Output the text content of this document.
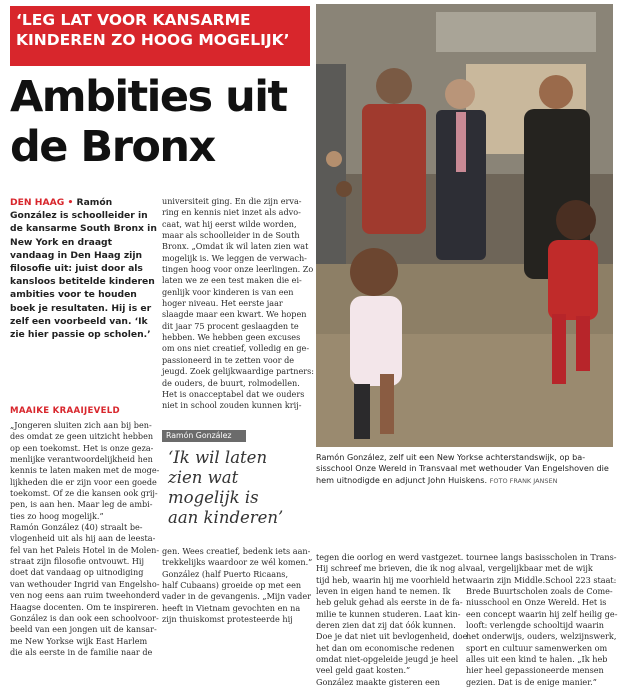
‘LEG LAT VOOR KANSARME
KINDEREN ZO HOOG MOGELIJK’
Ambities uit
de Bronx
DEN HAAG • Ramón González is schoolleider in de kansarme South Bronx in New York en draagt vandaag in Den Haag zijn filosofie uit: juist door als kansloos betitelde kinderen ambities voor te houden boek je resultaten. Hij is er zelf een voorbeeld van. ‘Ik zie hier passie op scholen.’
MAAIKE KRAAIJEVELD
„Jongeren sluiten zich aan bij ben-
des omdat ze geen uitzicht hebben
op een toekomst. Het is onze geza-
menlijke verantwoordelijkheid hen
kennis te laten maken met de moge-
lijkheden die er zijn voor een goede
toekomst. Of ze die kansen ook grij-
pen, is aan hen. Maar leg de ambi-
ties zo hoog mogelijk.”
Ramón González (40) straalt be-
vlogenheid uit als hij aan de leesta-
fel van het Paleis Hotel in de Molen-
straat zijn filosofie ontvouwt. Hij
doet dat vandaag op uitnodiging
van wethouder Ingrid van Engelsho-
ven nog eens aan ruim tweehonderd
Haagse docenten. Om te inspireren.
González is dan ook een schoolvoor-
beeld van een jongen uit de kansar-
me New Yorkse wijk East Harlem
die als eerste in de familie naar de
universiteit ging. En die zijn erva-
ring en kennis niet inzet als advo-
caat, wat hij eerst wilde worden,
maar als schoolleider in de South
Bronx. „Omdat ik wil laten zien wat
mogelijk is. We leggen de verwach-
tingen hoog voor onze leerlingen. Zo
laten we ze een test maken die ei-
genlijk voor kinderen is van een
hoger niveau. Het eerste jaar
slaagde maar een kwart. We hopen
dit jaar 75 procent geslaagden te
hebben. We hebben geen excuses
om ons niet creatief, volledig en ge-
passioneerd in te zetten voor de
jeugd. Zoek gelijkwaardige partners:
de ouders, de buurt, rolmodellen.
Het is onacceptabel dat we ouders
niet in school zouden kunnen krij-
Ramón González
‘Ik wil laten
zien wat
mogelijk is
aan kinderen’
gen. Wees creatief, bedenk iets aan-
trekkelijks waardoor ze wél komen.”
González (half Puerto Ricaans,
half Cubaans) groeide op met een
vader in de gevangenis. „Mijn vader
heeft in Vietnam gevochten en na
zijn thuiskomst protesteerde hij
Ramón González, zelf uit een New Yorkse achterstandswijk, op ba-sisschool Onze Wereld in Transvaal met wethouder Van Engelshoven die hem uitnodigde en adjunct John Huiskens. FOTO FRANK JANSEN
tegen die oorlog en werd vastgezet.
Hij schreef me brieven, die ik nog al-
tijd heb, waarin hij me voorhield het
leven in eigen hand te nemen. Ik
heb geluk gehad als eerste in de fa-
milie te kunnen studeren. Laat kin-
deren zien dat zij dat óók kunnen.
Doe je dat niet uit bevlogenheid, doe
het dan om economische redenen
omdat niet-opgeleide jeugd je heel
veel geld gaat kosten.”
González maakte gisteren een
tournee langs basisscholen in Trans-
vaal, vergelijkbaar met de wijk
waarin zijn Middle.School 223 staat:
Brede Buurtscholen zoals de Come-
niusschool en Onze Wereld. Het is
een concept waarin hij zelf heilig ge-
looft: verlengde schooltijd waarin
het onderwijs, ouders, welzijnswerk,
sport en cultuur samenwerken om
alles uit een kind te halen. „Ik heb
hier heel gepassioneerde mensen
gezien. Dat is de enige manier.”
